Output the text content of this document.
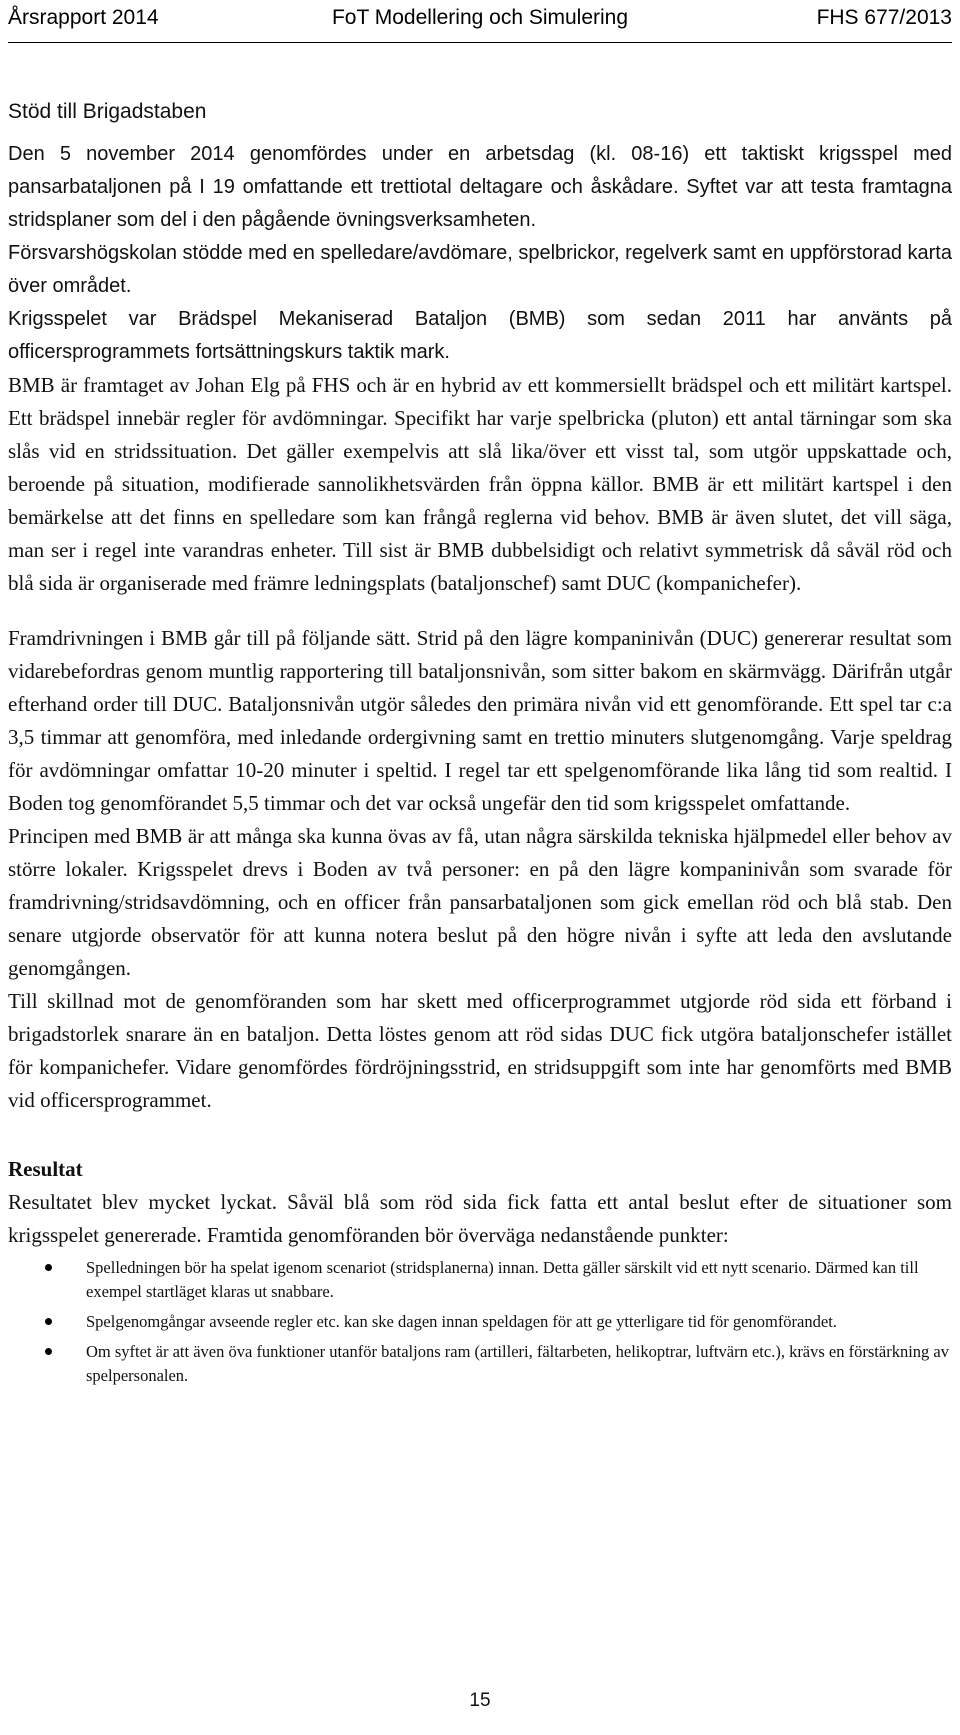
Årsrapport 2014	FoT Modellering och Simulering	FHS 677/2013
Stöd till Brigadstaben

Den 5 november 2014 genomfördes under en arbetsdag (kl. 08-16) ett taktiskt krigsspel med pansarbataljonen på I 19 omfattande ett trettiotal deltagare och åskådare. Syftet var att testa framtagna stridsplaner som del i den pågående övningsverksamheten.

Försvarshögskolan stödde med en spelledare/avdömare, spelbrickor, regelverk samt en uppförstorad karta över området.

Krigsspelet var Brädspel Mekaniserad Bataljon (BMB) som sedan 2011 har använts på officersprogrammets fortsättningskurs taktik mark.

BMB är framtaget av Johan Elg på FHS och är en hybrid av ett kommersiellt brädspel och ett militärt kartspel. Ett brädspel innebär regler för avdömningar. Specifikt har varje spelbricka (pluton) ett antal tärningar som ska slås vid en stridssituation. Det gäller exempelvis att slå lika/över ett visst tal, som utgör uppskattade och, beroende på situation, modifierade sannolikhetsvärden från öppna källor. BMB är ett militärt kartspel i den bemärkelse att det finns en spelledare som kan frångå reglerna vid behov. BMB är även slutet, det vill säga, man ser i regel inte varandras enheter. Till sist är BMB dubbelsidigt och relativt symmetrisk då såväl röd och blå sida är organiserade med främre ledningsplats (bataljonschef) samt DUC (kompanichefer).

Framdrivningen i BMB går till på följande sätt. Strid på den lägre kompaninivån (DUC) genererar resultat som vidarebefordras genom muntlig rapportering till bataljonsnivån, som sitter bakom en skärmvägg. Därifrån utgår efterhand order till DUC. Bataljonsnivån utgör således den primära nivån vid ett genomförande. Ett spel tar c:a 3,5 timmar att genomföra, med inledande ordergivning samt en trettio minuters slutgenomgång. Varje speldrag för avdömningar omfattar 10-20 minuter i speltid. I regel tar ett spelgenomförande lika lång tid som realtid. I Boden tog genomförandet 5,5 timmar och det var också ungefär den tid som krigsspelet omfattande.

Principen med BMB är att många ska kunna övas av få, utan några särskilda tekniska hjälpmedel eller behov av större lokaler. Krigsspelet drevs i Boden av två personer: en på den lägre kompaninivån som svarade för framdrivning/stridsavdömning, och en officer från pansarbataljonen som gick emellan röd och blå stab. Den senare utgjorde observatör för att kunna notera beslut på den högre nivån i syfte att leda den avslutande genomgången.

Till skillnad mot de genomföranden som har skett med officerprogrammet utgjorde röd sida ett förband i brigadstorlek snarare än en bataljon. Detta löstes genom att röd sidas DUC fick utgöra bataljonschefer istället för kompanichefer. Vidare genomfördes fördröjningsstrid, en stridsuppgift som inte har genomförts med BMB vid officersprogrammet.

Resultat

Resultatet blev mycket lyckat. Såväl blå som röd sida fick fatta ett antal beslut efter de situationer som krigsspelet genererade. Framtida genomföranden bör överväga nedanstående punkter:

Spelledningen bör ha spelat igenom scenariot (stridsplanerna) innan. Detta gäller särskilt vid ett nytt scenario. Därmed kan till exempel startläget klaras ut snabbare.
Spelgenomgångar avseende regler etc. kan ske dagen innan speldagen för att ge ytterligare tid för genomförandet.
Om syftet är att även öva funktioner utanför bataljons ram (artilleri, fältarbeten, helikoptrar, luftvärn etc.), krävs en förstärkning av spelpersonalen.
15
